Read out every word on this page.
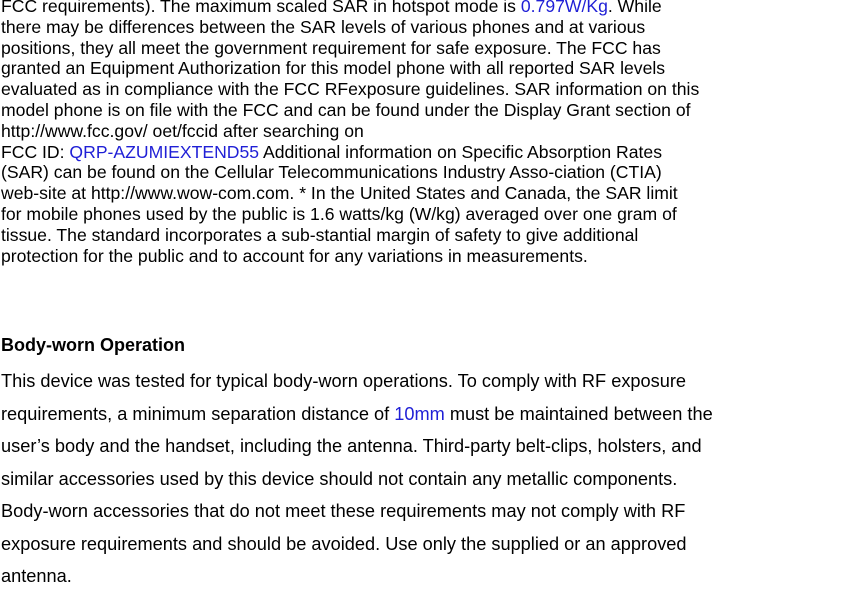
FCC requirements). The maximum scaled SAR in hotspot mode is 0.797W/Kg. While
there may be differences between the SAR levels of various phones and at various
positions, they all meet the government requirement for safe exposure. The FCC has
granted an Equipment Authorization for this model phone with all reported SAR levels
evaluated as in compliance with the FCC RFexposure guidelines. SAR information on this
model phone is on file with the FCC and can be found under the Display Grant section of
http://www.fcc.gov/ oet/fccid after searching on
FCC ID: QRP-AZUMIEXTEND55 Additional information on Specific Absorption Rates
(SAR) can be found on the Cellular Telecommunications Industry Asso-ciation (CTIA)
web-site at http://www.wow-com.com. * In the United States and Canada, the SAR limit
for mobile phones used by the public is 1.6 watts/kg (W/kg) averaged over one gram of
tissue. The standard incorporates a sub-stantial margin of safety to give additional
protection for the public and to account for any variations in measurements.
Body-worn Operation
This device was tested for typical body-worn operations. To comply with RF exposure
requirements, a minimum separation distance of 10mm must be maintained between the
user’s body and the handset, including the antenna. Third-party belt-clips, holsters, and
similar accessories used by this device should not contain any metallic components.
Body-worn accessories that do not meet these requirements may not comply with RF
exposure requirements and should be avoided. Use only the supplied or an approved
antenna.
